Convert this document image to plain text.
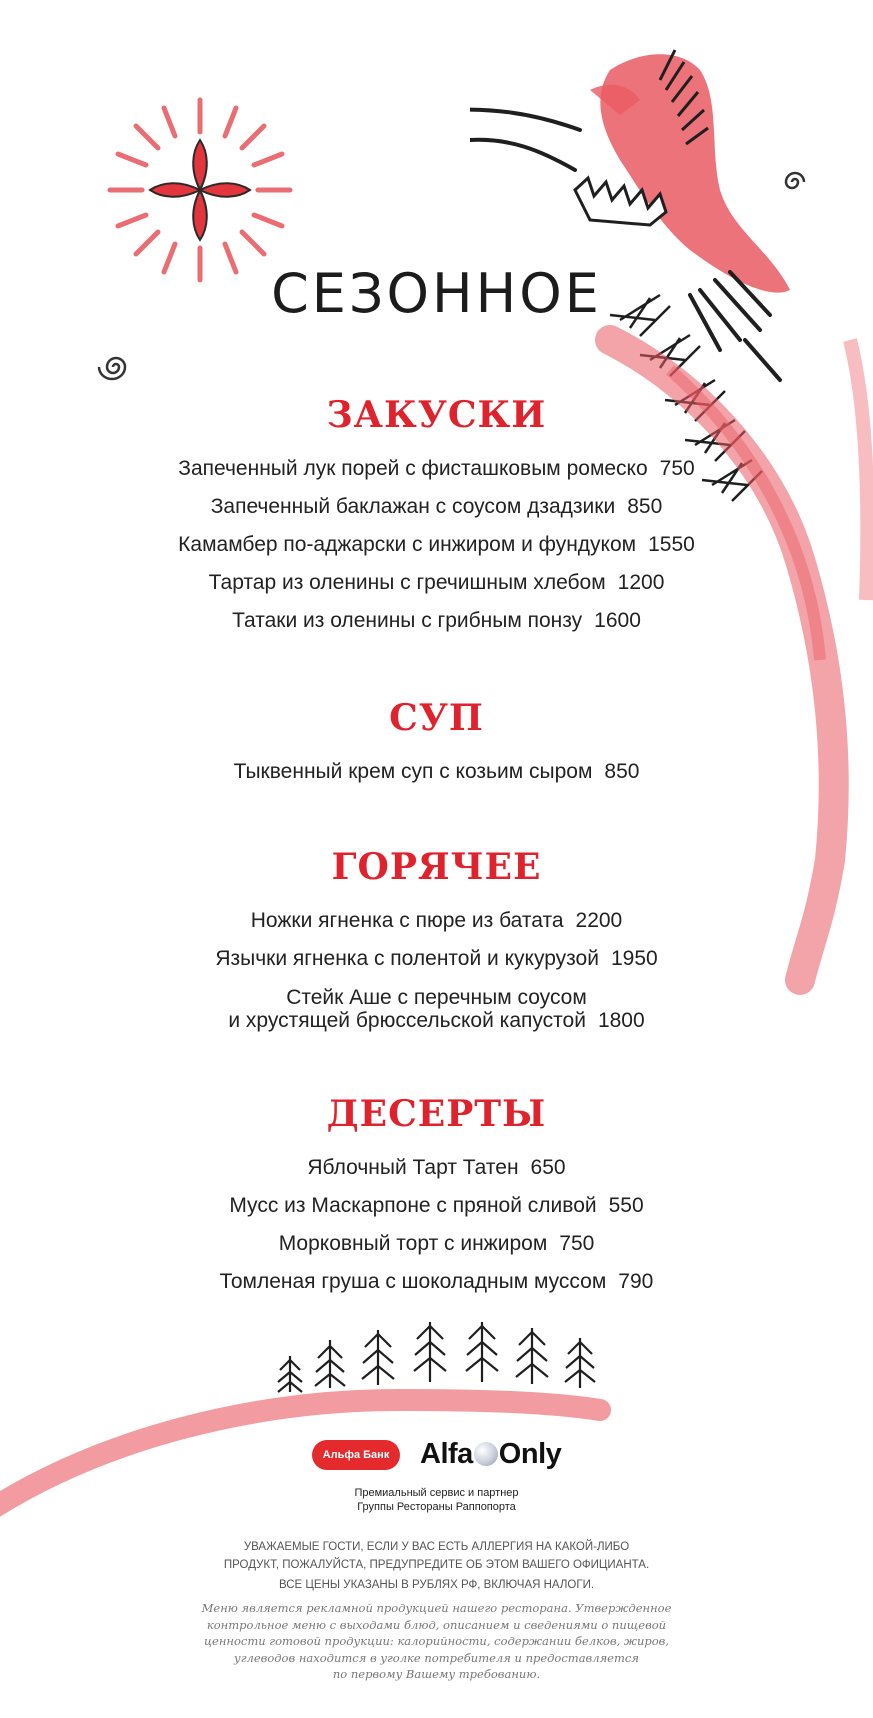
СЕЗОННОЕ
ЗАКУСКИ
Запеченный лук порей с фисташковым ромеско 750
Запеченный баклажан с соусом дзадзики 850
Камамбер по-аджарски с инжиром и фундуком 1550
Тартар из оленины с гречишным хлебом 1200
Татаки из оленины с грибным понзу 1600
СУП
Тыквенный крем суп с козьим сыром 850
ГОРЯЧЕЕ
Ножки ягненка с пюре из батата 2200
Язычки ягненка с полентой и кукурузой 1950
Стейк Аше с перечным соусом
и хрустящей брюссельской капустой 1800
ДЕСЕРТЫ
Яблочный Тарт Татен 650
Мусс из Маскарпоне с пряной сливой 550
Морковный торт с инжиром 750
Томленая груша с шоколадным муссом 790
Альфа Банк	Alfa Only
Премиальный сервис и партнер
Группы Рестораны Раппопорта
УВАЖАЕМЫЕ ГОСТИ, ЕСЛИ У ВАС ЕСТЬ АЛЛЕРГИЯ НА КАКОЙ-ЛИБО
ПРОДУКТ, ПОЖАЛУЙСТА, ПРЕДУПРЕДИТЕ ОБ ЭТОМ ВАШЕГО ОФИЦИАНТА.
ВСЕ ЦЕНЫ УКАЗАНЫ В РУБЛЯХ РФ, ВКЛЮЧАЯ НАЛОГИ.
Меню является рекламной продукцией нашего ресторана. Утвержденное
контрольное меню с выходами блюд, описанием и сведениями о пищевой
ценности готовой продукции: калорийности, содержании белков, жиров,
углеводов находится в уголке потребителя и предоставляется
по первому Вашему требованию.
